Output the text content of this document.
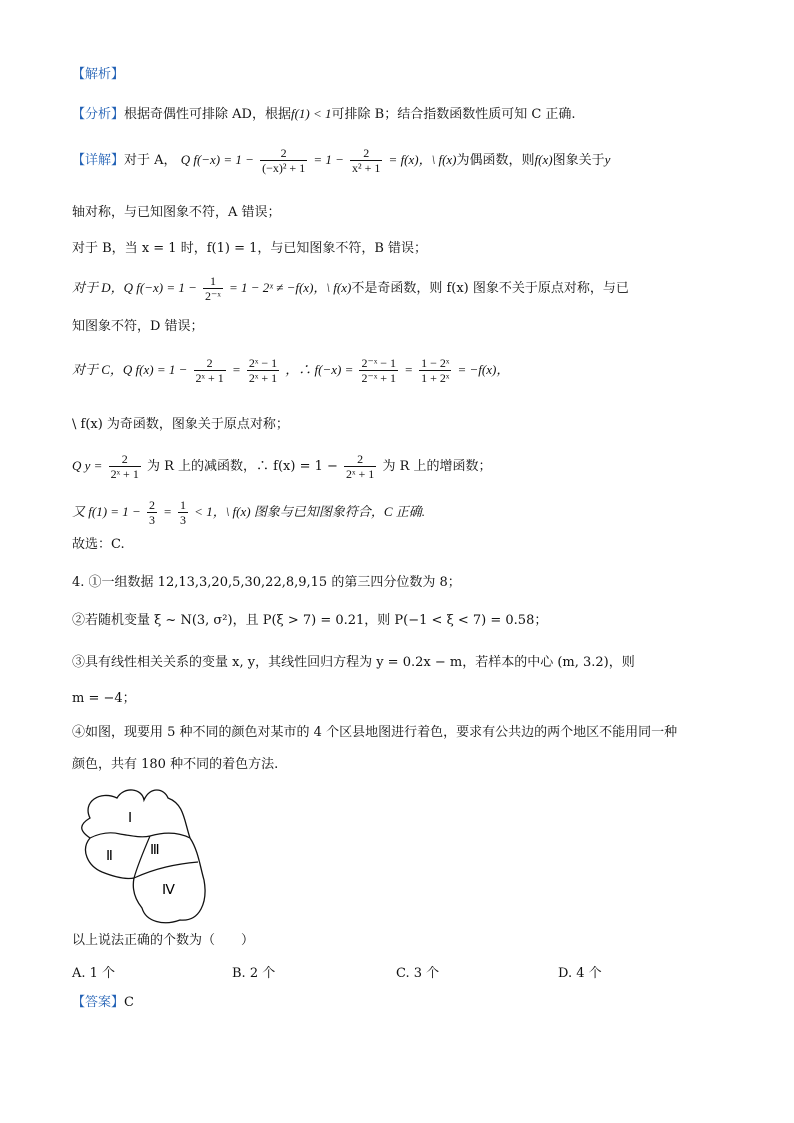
【解析】
【分析】根据奇偶性可排除 AD，根据f(1) < 1可排除 B；结合指数函数性质可知 C 正确.
【详解】对于 A， Q $f(-x) = 1 - \frac{2}{\text{(−x)² + 1}} = 1 - \frac{2}{\text{x² + 1}} = f(x)$，\ f(x)为偶函数，则f(x)图象关于y
轴对称，与已知图象不符，A 错误；
对于 B，当 x = 1 时，f(1) = 1，与已知图象不符，B 错误；
对于 D，Q $f(-x) = 1 - \frac{1}{\text{2⁻ˣ}} = 1$ − 2ˣ ≠ −f(x)，\ f(x)不是奇函数，则 f(x) 图象不关于原点对称，与已
知图象不符，D 错误；
对于 C，Q $f(x) = 1 - \frac{2}{\text{2ˣ + 1}} = \frac{\text{2ˣ − 1}}{\text{2ˣ + 1}}$ ，∴ $f(-x) = \frac{\text{2⁻ˣ − 1}}{\text{2⁻ˣ + 1}} = \frac{\text{1 − 2ˣ}}{\text{1 + 2ˣ}} = -f(x)$，
\ f(x) 为奇函数，图象关于原点对称；
Q $y = \frac{2}{\text{2ˣ + 1}}$ 为 R 上的减函数，∴ $f(x) = 1 - \frac{2}{\text{2ˣ + 1}}$ 为 R 上的增函数；
又 $f(1) = 1 - \frac{2}{3} = \frac{1}{3} < 1$，\ f(x) 图象与已知图象符合，C 正确.
故选：C.
4. ①一组数据 12,13,3,20,5,30,22,8,9,15 的第三四分位数为 8；
②若随机变量 ξ ~ N(3, σ²)，且 P(ξ > 7) = 0.21，则 P(−1 < ξ < 7) = 0.58；
③具有线性相关关系的变量 x, y，其线性回归方程为 y = 0.2x − m，若样本的中心 (m, 3.2)，则
m = −4；
④如图，现要用 5 种不同的颜色对某市的 4 个区县地图进行着色，要求有公共边的两个地区不能用同一种
颜色，共有 180 种不同的着色方法.
Ⅰ
Ⅱ	Ⅲ
Ⅳ
以上说法正确的个数为（　　）
A. 1 个	B. 2 个	C. 3 个	D. 4 个
【答案】C
